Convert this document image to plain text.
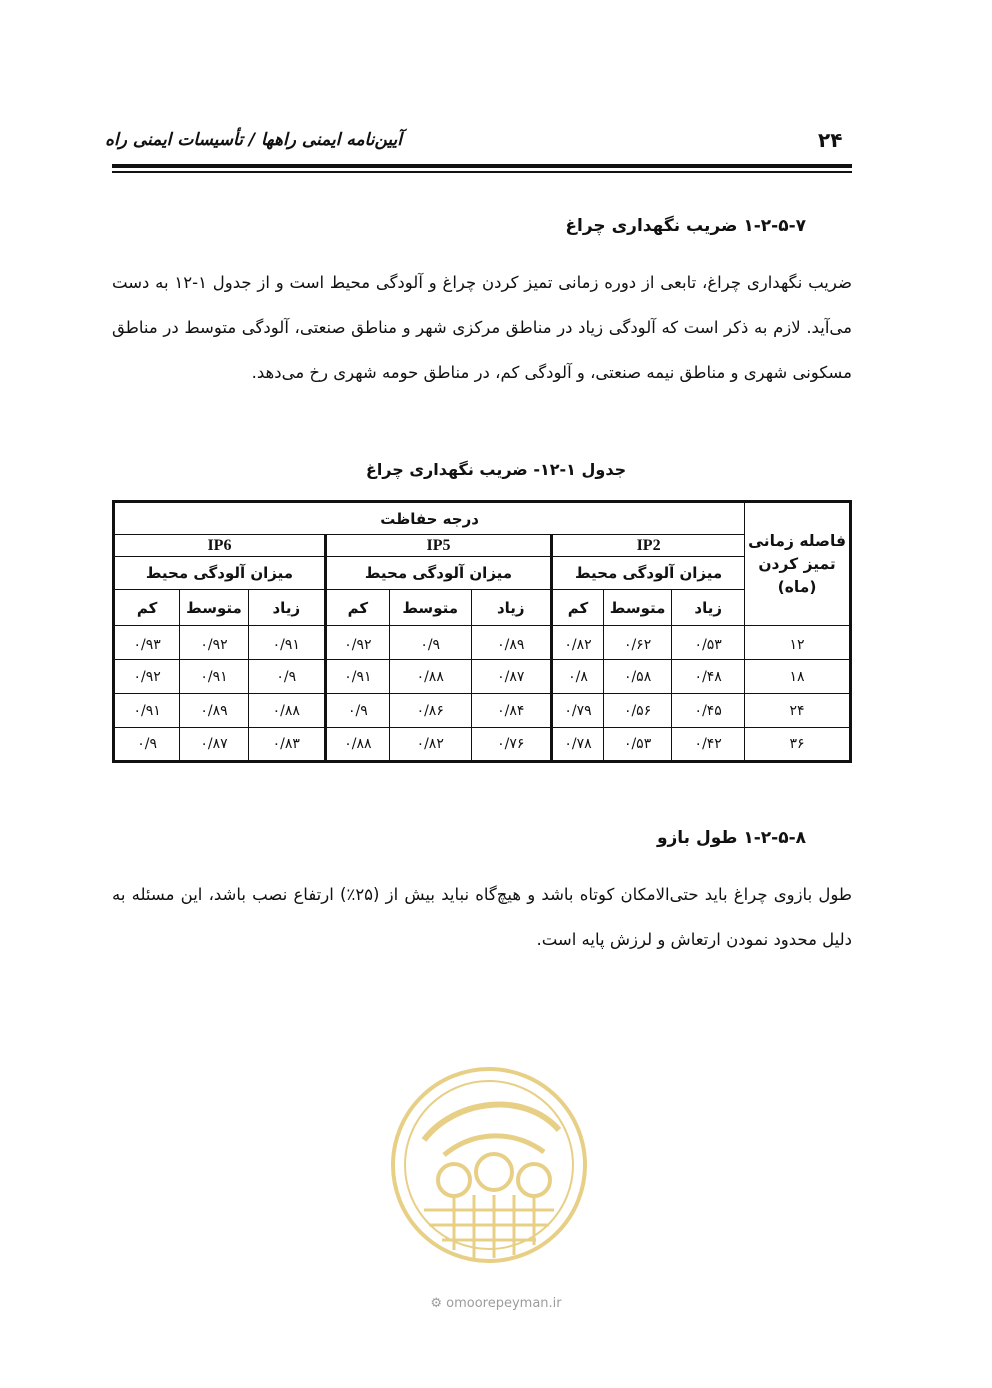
۲۴
آیین‌نامه ایمنی راهها / تأسیسات ایمنی راه
۱-۲-۵-۷ ضریب نگهداری چراغ
ضریب نگهداری چراغ، تابعی از دوره زمانی تمیز کردن چراغ و آلودگی محیط است و از جدول ۱-۱۲ به دست می‌آید. لازم به ذکر است که آلودگی زیاد در مناطق مرکزی شهر و مناطق صنعتی، آلودگی متوسط در مناطق مسکونی شهری و مناطق نیمه صنعتی، و آلودگی کم، در مناطق حومه شهری رخ می‌دهد.
جدول ۱-۱۲- ضریب نگهداری چراغ
فاصله زمانی تمیز کردن (ماه)	درجه حفاظت								
	IP2			IP5			IP6		
	میزان آلودگی محیط			میزان آلودگی محیط			میزان آلودگی محیط		
	زیاد	متوسط	کم	زیاد	متوسط	کم	زیاد	متوسط	کم
۱۲	۰/۵۳	۰/۶۲	۰/۸۲	۰/۸۹	۰/۹	۰/۹۲	۰/۹۱	۰/۹۲	۰/۹۳
۱۸	۰/۴۸	۰/۵۸	۰/۸	۰/۸۷	۰/۸۸	۰/۹۱	۰/۹	۰/۹۱	۰/۹۲
۲۴	۰/۴۵	۰/۵۶	۰/۷۹	۰/۸۴	۰/۸۶	۰/۹	۰/۸۸	۰/۸۹	۰/۹۱
۳۶	۰/۴۲	۰/۵۳	۰/۷۸	۰/۷۶	۰/۸۲	۰/۸۸	۰/۸۳	۰/۸۷	۰/۹
۱-۲-۵-۸ طول بازو
طول بازوی چراغ باید حتی‌الامکان کوتاه باشد و هیچ‌گاه نباید بیش از (۲۵٪) ارتفاع نصب باشد، این مسئله به دلیل محدود نمودن ارتعاش و لرزش پایه است.
⚙ omoorepeyman.ir
